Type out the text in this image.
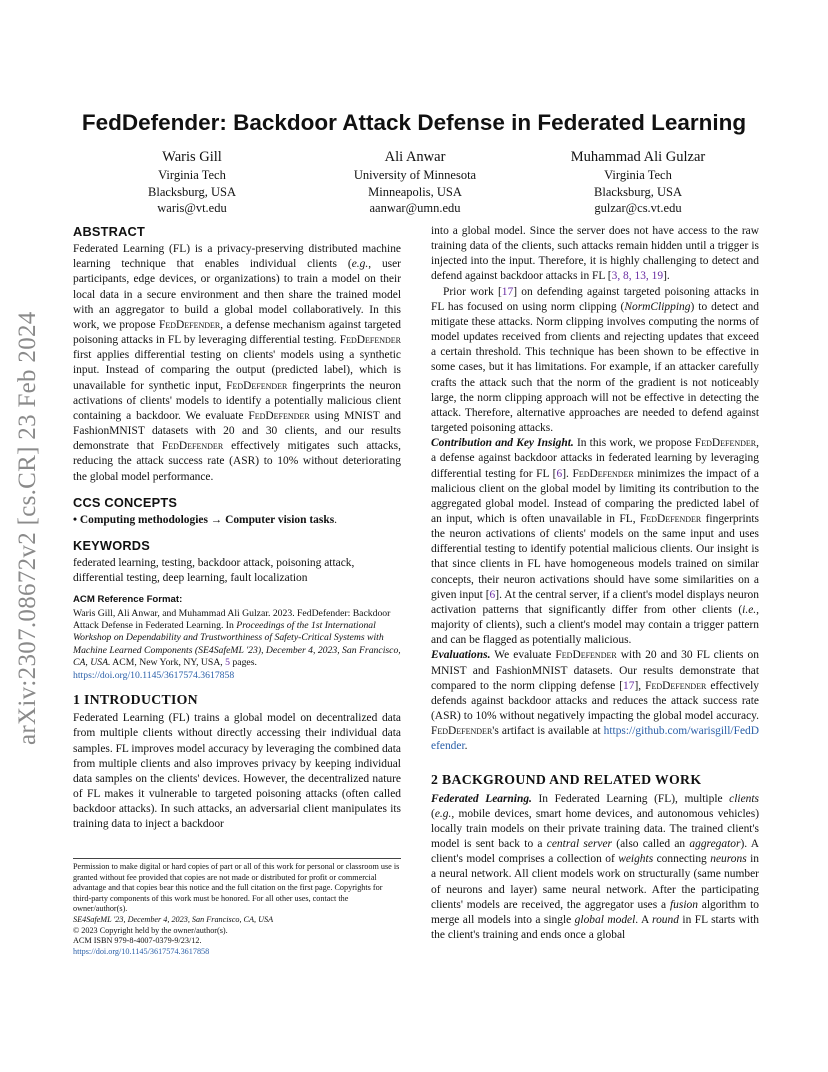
arXiv:2307.08672v2 [cs.CR] 23 Feb 2024
FedDefender: Backdoor Attack Defense in Federated Learning
Waris Gill
Virginia Tech
Blacksburg, USA
waris@vt.edu
Ali Anwar
University of Minnesota
Minneapolis, USA
aanwar@umn.edu
Muhammad Ali Gulzar
Virginia Tech
Blacksburg, USA
gulzar@cs.vt.edu
ABSTRACT

Federated Learning (FL) is a privacy-preserving distributed machine learning technique that enables individual clients (e.g., user participants, edge devices, or organizations) to train a model on their local data in a secure environment and then share the trained model with an aggregator to build a global model collaboratively. In this work, we propose FedDefender, a defense mechanism against targeted poisoning attacks in FL by leveraging differential testing. FedDefender first applies differential testing on clients' models using a synthetic input. Instead of comparing the output (predicted label), which is unavailable for synthetic input, FedDefender fingerprints the neuron activations of clients' models to identify a potentially malicious client containing a backdoor. We evaluate FedDefender using MNIST and FashionMNIST datasets with 20 and 30 clients, and our results demonstrate that FedDefender effectively mitigates such attacks, reducing the attack success rate (ASR) to 10% without deteriorating the global model performance.

CCS CONCEPTS

• Computing methodologies → Computer vision tasks.

KEYWORDS

federated learning, testing, backdoor attack, poisoning attack, differential testing, deep learning, fault localization

ACM Reference Format:

Waris Gill, Ali Anwar, and Muhammad Ali Gulzar. 2023. FedDefender: Backdoor Attack Defense in Federated Learning. In Proceedings of the 1st International Workshop on Dependability and Trustworthiness of Safety-Critical Systems with Machine Learned Components (SE4SafeML '23), December 4, 2023, San Francisco, CA, USA. ACM, New York, NY, USA, 5 pages.
https://doi.org/10.1145/3617574.3617858

1 INTRODUCTION

Federated Learning (FL) trains a global model on decentralized data from multiple clients without directly accessing their individual data samples. FL improves model accuracy by leveraging the combined data from multiple clients and also improves privacy by keeping individual data samples on the clients' devices. However, the decentralized nature of FL makes it vulnerable to targeted poisoning attacks (often called backdoor attacks). In such attacks, an adversarial client manipulates its training data to inject a backdoor

Permission to make digital or hard copies of part or all of this work for personal or classroom use is granted without fee provided that copies are not made or distributed for profit or commercial advantage and that copies bear this notice and the full citation on the first page. Copyrights for third-party components of this work must be honored. For all other uses, contact the owner/author(s).

SE4SafeML '23, December 4, 2023, San Francisco, CA, USA

© 2023 Copyright held by the owner/author(s).

ACM ISBN 979-8-4007-0379-9/23/12.

https://doi.org/10.1145/3617574.3617858

into a global model. Since the server does not have access to the raw training data of the clients, such attacks remain hidden until a trigger is injected into the input. Therefore, it is highly challenging to detect and defend against backdoor attacks in FL [3, 8, 13, 19].

Prior work [17] on defending against targeted poisoning attacks in FL has focused on using norm clipping (NormClipping) to detect and mitigate these attacks. Norm clipping involves computing the norms of model updates received from clients and rejecting updates that exceed a certain threshold. This technique has been shown to be effective in some cases, but it has limitations. For example, if an attacker carefully crafts the attack such that the norm of the gradient is not noticeably large, the norm clipping approach will not be effective in detecting the attack. Therefore, alternative approaches are needed to defend against targeted poisoning attacks.

Contribution and Key Insight. In this work, we propose FedDefender, a defense against backdoor attacks in federated learning by leveraging differential testing for FL [6]. FedDefender minimizes the impact of a malicious client on the global model by limiting its contribution to the aggregated global model. Instead of comparing the predicted label of an input, which is often unavailable in FL, FedDefender fingerprints the neuron activations of clients' models on the same input and uses differential testing to identify potential malicious clients. Our insight is that since clients in FL have homogeneous models trained on similar concepts, their neuron activations should have some similarities on a given input [6]. At the central server, if a client's model displays neuron activation patterns that significantly differ from other clients (i.e., majority of clients), such a client's model may contain a trigger pattern and can be flagged as potentially malicious.

Evaluations. We evaluate FedDefender with 20 and 30 FL clients on MNIST and FashionMNIST datasets. Our results demonstrate that compared to the norm clipping defense [17], FedDefender effectively defends against backdoor attacks and reduces the attack success rate (ASR) to 10% without negatively impacting the global model accuracy. FedDefender's artifact is available at https://github.com/warisgill/FedDefender.

2 BACKGROUND AND RELATED WORK

Federated Learning. In Federated Learning (FL), multiple clients (e.g., mobile devices, smart home devices, and autonomous vehicles) locally train models on their private training data. The trained client's model is sent back to a central server (also called an aggregator). A client's model comprises a collection of weights connecting neurons in a neural network. All client models work on structurally (same number of neurons and layer) same neural network. After the participating clients' models are received, the aggregator uses a fusion algorithm to merge all models into a single global model. A round in FL starts with the client's training and ends once a global
